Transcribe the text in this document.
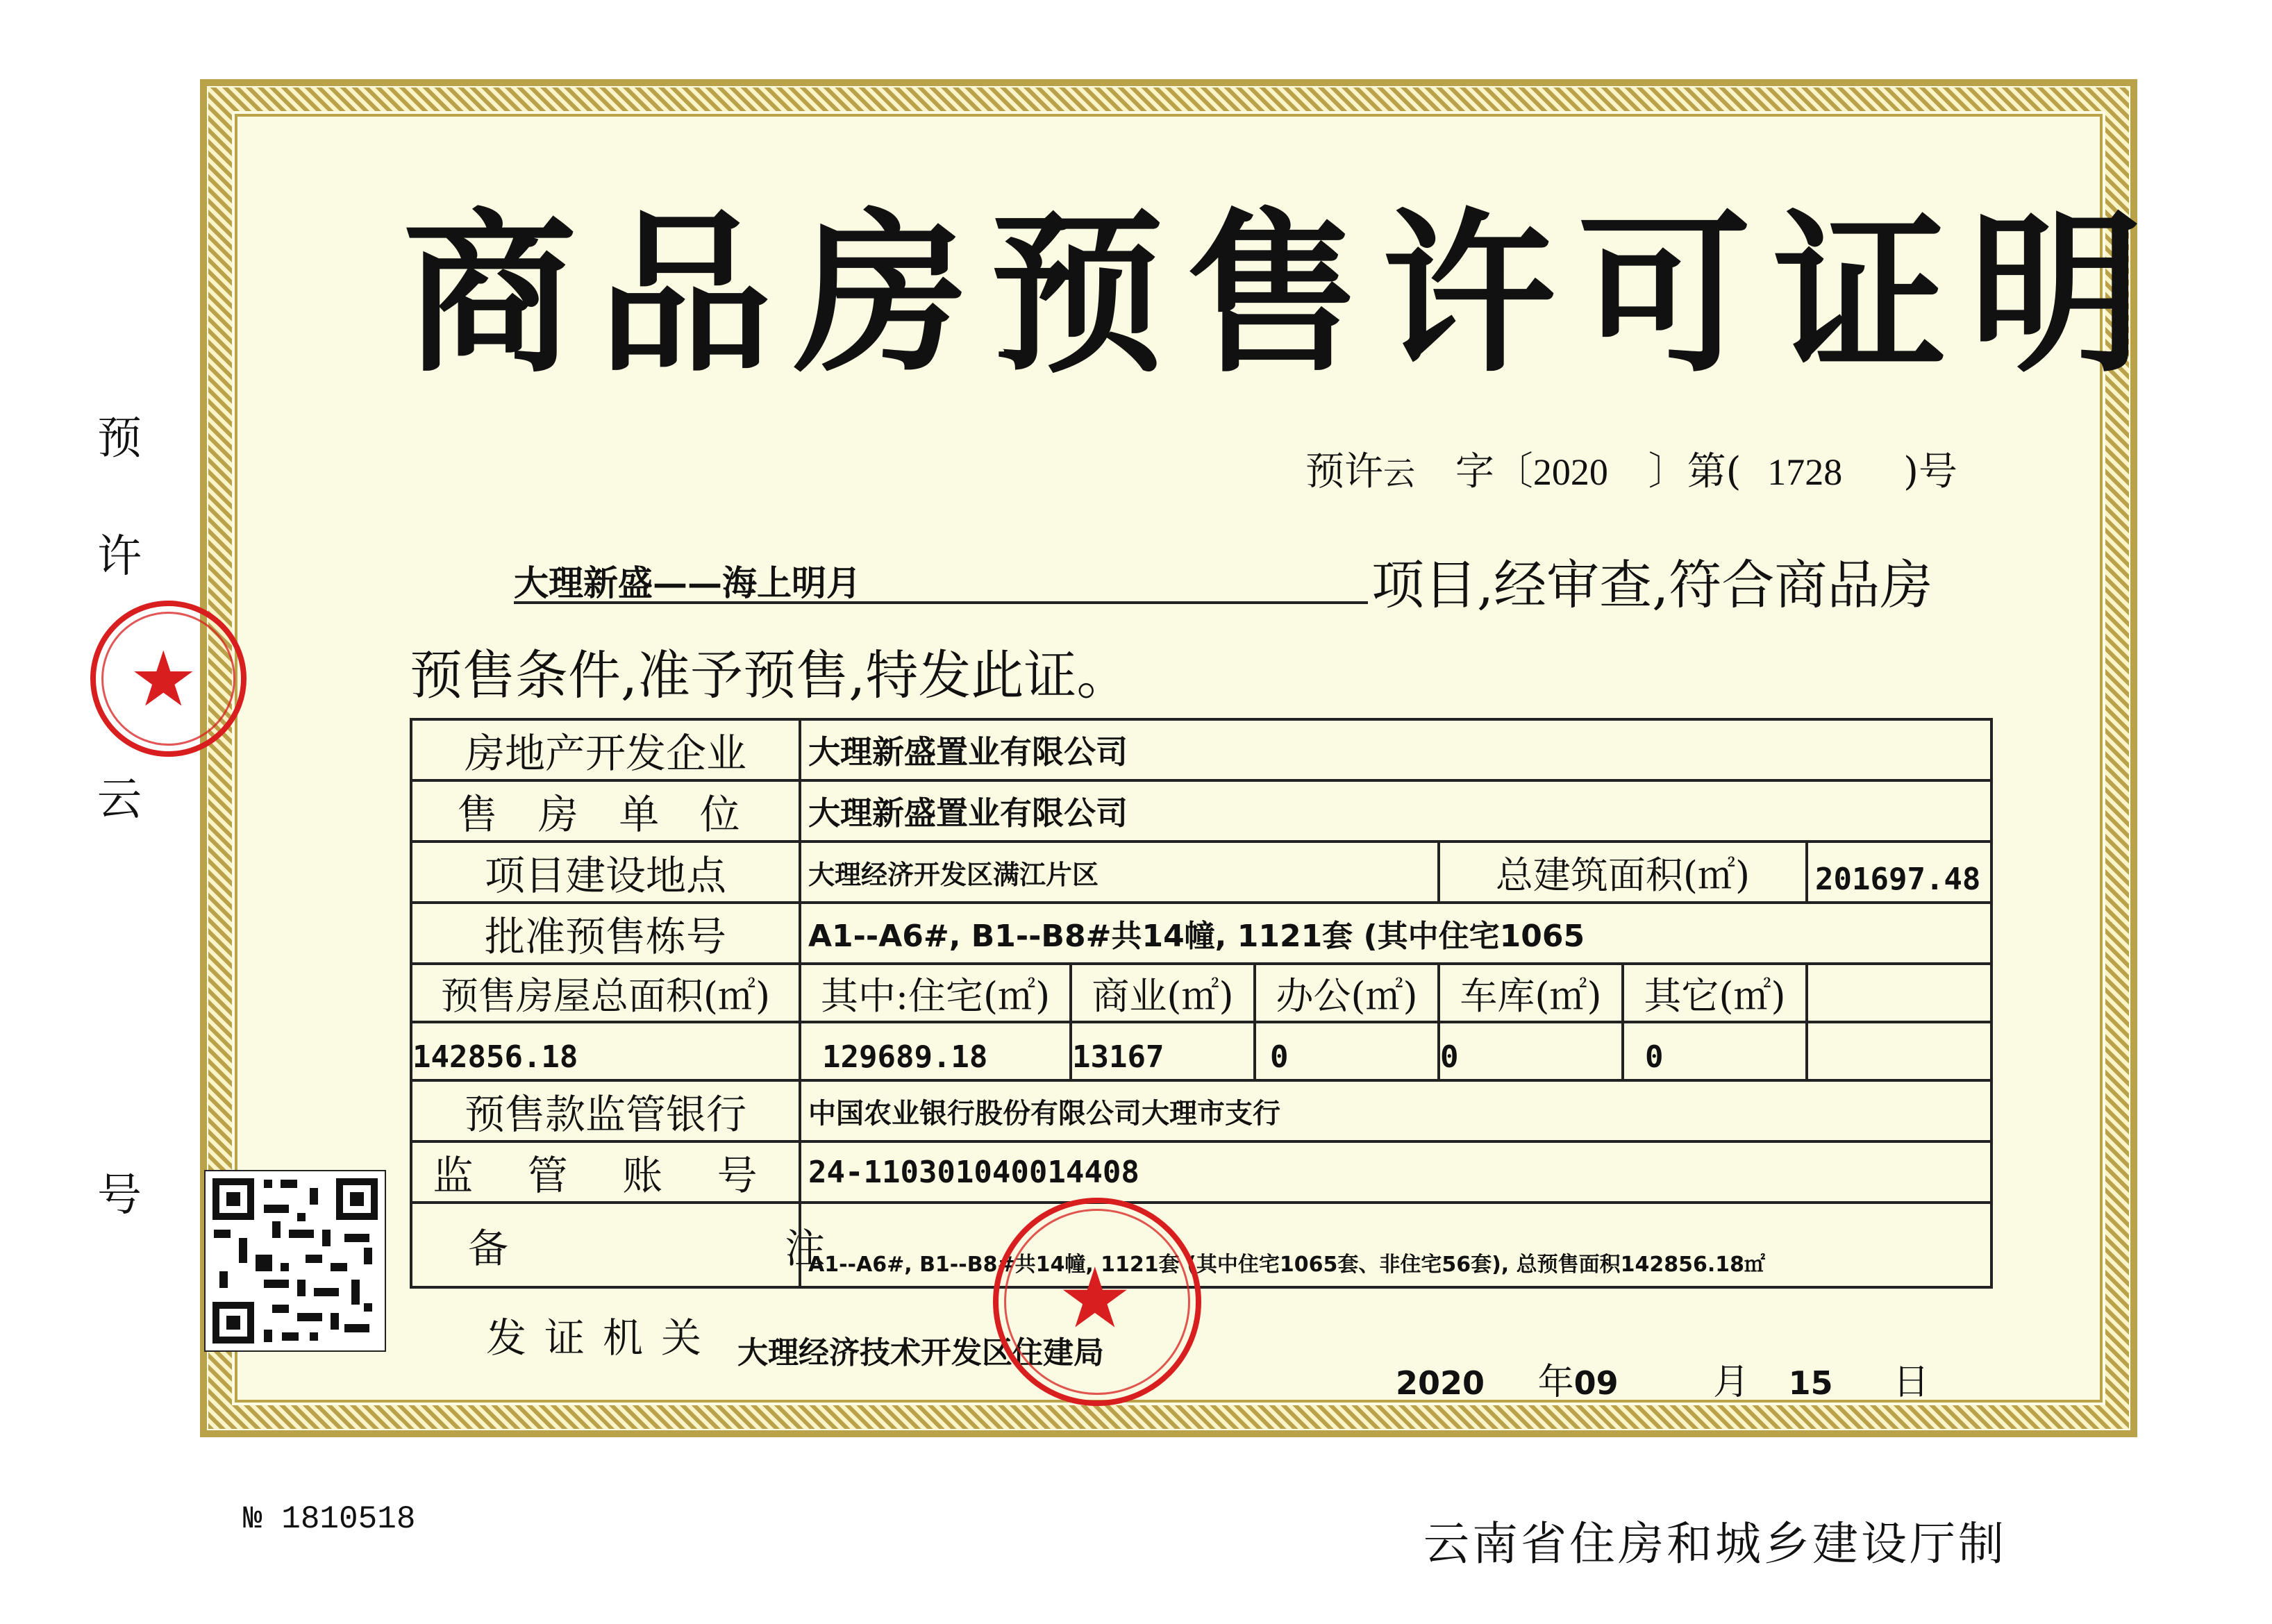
预
许
云
号
商品房预售许可证明
预许云 字〔2020 〕第( 1728 )号
大理新盛——海上明月	项目,经审查,符合商品房
预售条件,准予预售,特发此证。
房地产开发企业	大理新盛置业有限公司					
售 房 单 位	大理新盛置业有限公司					
项目建设地点	大理经济开发区满江片区			总建筑面积(㎡)		201697.48
批准预售栋号	A1--A6#, B1--B8#共14幢, 1121套 (其中住宅1065					
预售房屋总面积(㎡)	其中:住宅(㎡)	商业(㎡)	办公(㎡)	车库(㎡)	其它(㎡)	
142856.18	129689.18	13167	0	0	0	
预售款监管银行	中国农业银行股份有限公司大理市支行					
监 管 账 号	24-110301040014408					
备 注	A1--A6#, B1--B8#共14幢, 1121套 (其中住宅1065套、非住宅56套), 总预售面积142856.18㎡					
发证机关 大理经济技术开发区住建局
2020 年09	月 15 日
★
★
№ 1810518	云南省住房和城乡建设厅制
